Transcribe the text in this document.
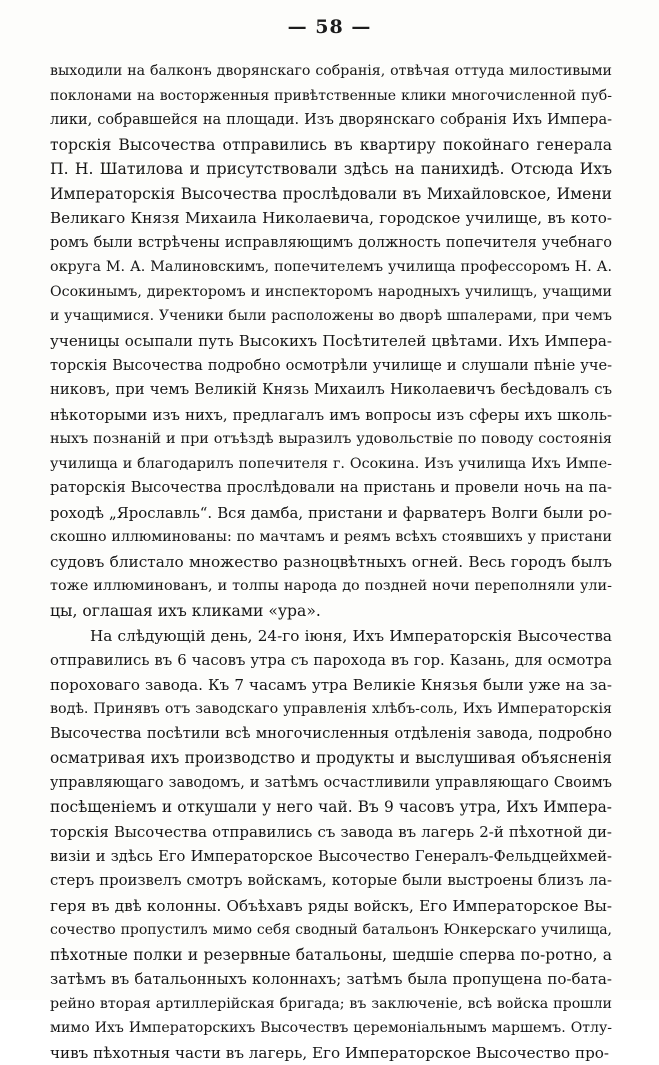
— 58 —
выходили на балконъ дворянскаго собранія, отвѣчая оттуда милостивыми
поклонами на восторженныя привѣтственные клики многочисленной пуб-
лики, собравшейся на площади. Изъ дворянскаго собранія Ихъ Импера-
торскія Высочества отправились въ квартиру покойнаго генерала
П. Н. Шатилова и присутствовали здѣсь на панихидѣ. Отсюда Ихъ
Императорскія Высочества прослѣдовали въ Михайловское, Имени
Великаго Князя Михаила Николаевича, городское училище, въ кото-
ромъ были встрѣчены исправляющимъ должность попечителя учебнаго
округа М. А. Малиновскимъ, попечителемъ училища профессоромъ Н. А.
Осокинымъ, директоромъ и инспекторомъ народныхъ училищъ, учащими
и учащимися. Ученики были расположены во дворѣ шпалерами, при чемъ
ученицы осыпали путь Высокихъ Посѣтителей цвѣтами. Ихъ Импера-
торскія Высочества подробно осмотрѣли училище и слушали пѣніе уче-
никовъ, при чемъ Великій Князь Михаилъ Николаевичъ бесѣдовалъ съ
нѣкоторыми изъ нихъ, предлагалъ имъ вопросы изъ сферы ихъ школь-
ныхъ познаній и при отъѣздѣ выразилъ удовольствіе по поводу состоянія
училища и благодарилъ попечителя г. Осокина. Изъ училища Ихъ Импе-
раторскія Высочества прослѣдовали на пристань и провели ночь на па-
роходѣ „Ярославль“. Вся дамба, пристани и фарватеръ Волги были ро-
скошно иллюминованы: по мачтамъ и реямъ всѣхъ стоявшихъ у пристани
судовъ блистало множество разноцвѣтныхъ огней. Весь городъ былъ
тоже иллюминованъ, и толпы народа до поздней ночи переполняли ули-
цы, оглашая ихъ кликами «ура».
На слѣдующій день, 24-го іюня, Ихъ Императорскія Высочества
отправились въ 6 часовъ утра съ парохода въ гор. Казань, для осмотра
пороховаго завода. Къ 7 часамъ утра Великіе Князья были уже на за-
водѣ. Принявъ отъ заводскаго управленія хлѣбъ-соль, Ихъ Императорскія
Высочества посѣтили всѣ многочисленныя отдѣленія завода, подробно
осматривая ихъ производство и продукты и выслушивая объясненія
управляющаго заводомъ, и затѣмъ осчастливили управляющаго Своимъ
посѣщеніемъ и откушали у него чай. Въ 9 часовъ утра, Ихъ Импера-
торскія Высочества отправились съ завода въ лагерь 2-й пѣхотной ди-
визіи и здѣсь Его Императорское Высочество Генералъ-Фельдцейхмей-
стеръ произвелъ смотръ войскамъ, которые были выстроены близъ ла-
геря въ двѣ колонны. Объѣхавъ ряды войскъ, Его Императорское Вы-
сочество пропустилъ мимо себя сводный батальонъ Юнкерскаго училища,
пѣхотные полки и резервные батальоны, шедшіе сперва по-ротно, а
затѣмъ въ батальонныхъ колоннахъ; затѣмъ была пропущена по-бата-
рейно вторая артиллерійская бригада; въ заключеніе, всѣ войска прошли
мимо Ихъ Императорскихъ Высочествъ церемоніальнымъ маршемъ. Отлу-
чивъ пѣхотныя части въ лагерь, Его Императорское Высочество про-
